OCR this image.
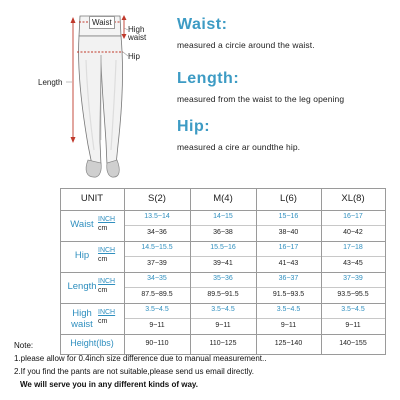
Waist
High
waist
Hip
Length
Waist:
measured a circie around the waist.
Length:
measured from the waist to the leg opening
Hip:
measured a cire ar oundthe hip.
UNIT	S(2)	M(4)	L(6)	XL(8)
Waist INCH
cm
13.5~14	14~15	15~16	16~17
34~36	36~38	38~40	40~42
Hip	INCH
cm
14.5~15.5	15.5~16	16~17	17~18
37~39	39~41	41~43	43~45
Length INCH
cm
34~35	35~36	36~37	37~39
87.5~89.5	89.5~91.5	91.5~93.5	93.5~95.5
High
waist
INCH
cm
3.5~4.5	3.5~4.5	3.5~4.5	3.5~4.5
9~11	9~11	9~11	9~11
Height(lbs)	90~110	110~125	125~140	140~155
Note:
1.please allow for 0.4inch size difference due to manual measurement..
2.If you find the pants are not suitable,please send us email directly.
We will serve you in any different kinds of way.
